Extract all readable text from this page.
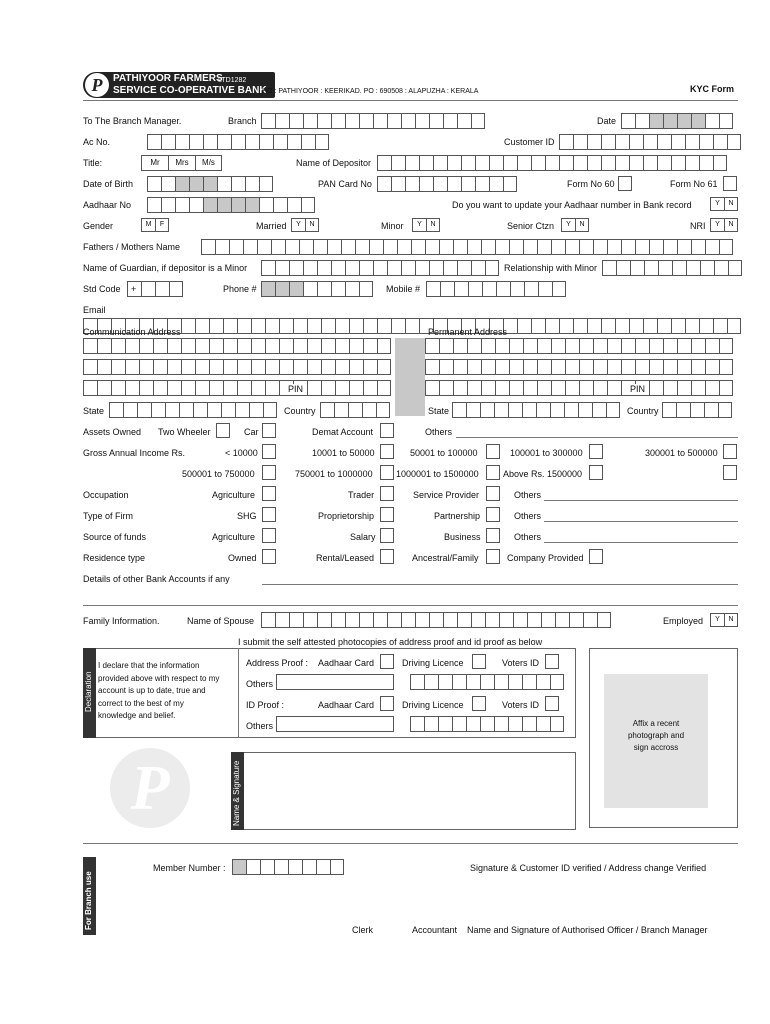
P	PATHIYOOR FARMERS
SERVICE CO-OPERATIVE BANK
LTD1282
HO : PATHIYOOR : KEERIKAD. PO : 690508 : ALAPUZHA : KERALA	KYC Form
To The Branch Manager.	Branch	Date
Ac No.	Customer ID
Title:	Mr	Mrs	M/s	Name of Depositor
Date of Birth	PAN Card No	Form No 60	Form No 61
Aadhaar No	Do you want to update your Aadhaar number in Bank record	Y	N
Gender	M	F	Married	Y	N	Minor	Y	N	Senior Ctzn	Y	N	NRI	Y	N
Fathers / Mothers Name
Name of Guardian, if depositor is a Minor	Relationship with Minor
Std Code +	Phone #	Mobile #
Email
Communication Address	Permanent Address
PIN	PIN
State	Country	State	Country
Assets Owned Two Wheeler	Car	Demat Account	Others
Gross Annual Income Rs.	< 10000	10001 to 50000	50001 to 100000	100001 to 300000	300001 to 500000
500001 to 750000	750001 to 1000000	1000001 to 1500000	Above Rs. 1500000
Occupation	Agriculture	Trader	Service Provider	Others
Type of Firm	SHG	Proprietorship	Partnership	Others
Source of funds	Agriculture	Salary	Business	Others
Residence type	Owned	Rental/Leased	Ancestral/Family	Company Provided
Details of other Bank Accounts if any
Family Information.	Name of Spouse	Employed	Y	N
I submit the self attested photocopies of address proof and id proof as below
Declaration
I declare that the information
provided above with respect to my
account is up to date, true and
correct to the best of my
knowledge and belief.
Address Proof : Aadhaar Card	Driving Licence	Voters ID
Others
ID Proof :	Aadhaar Card	Driving Licence	Voters ID
Others	Affix a recent
photograph and
sign accross
P	Name & Signature
For Branch use
Member Number :	Signature & Customer ID verified / Address change Verified
Clerk	Accountant Name and Signature of Authorised Officer / Branch Manager
